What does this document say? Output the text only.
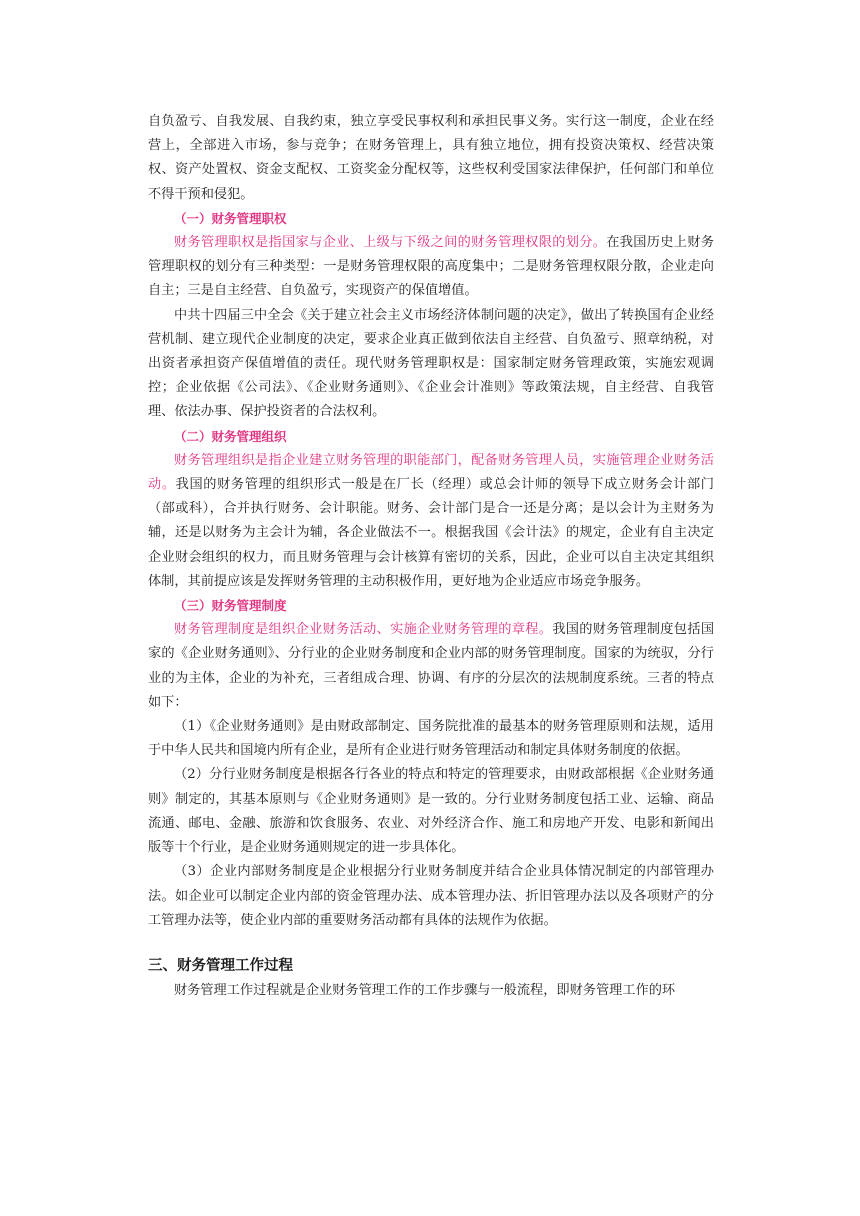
自负盈亏、自我发展、自我约束，独立享受民事权利和承担民事义务。实行这一制度，企业在经营上，全部进入市场，参与竞争；在财务管理上，具有独立地位，拥有投资决策权、经营决策权、资产处置权、资金支配权、工资奖金分配权等，这些权利受国家法律保护，任何部门和单位不得干预和侵犯。

（一）财务管理职权

财务管理职权是指国家与企业、上级与下级之间的财务管理权限的划分。在我国历史上财务管理职权的划分有三种类型：一是财务管理权限的高度集中；二是财务管理权限分散，企业走向自主；三是自主经营、自负盈亏，实现资产的保值增值。

中共十四届三中全会《关于建立社会主义市场经济体制问题的决定》，做出了转换国有企业经营机制、建立现代企业制度的决定，要求企业真正做到依法自主经营、自负盈亏、照章纳税，对出资者承担资产保值增值的责任。现代财务管理职权是：国家制定财务管理政策，实施宏观调控；企业依据《公司法》、《企业财务通则》、《企业会计准则》等政策法规，自主经营、自我管理、依法办事、保护投资者的合法权利。

（二）财务管理组织

财务管理组织是指企业建立财务管理的职能部门，配备财务管理人员，实施管理企业财务活动。我国的财务管理的组织形式一般是在厂长（经理）或总会计师的领导下成立财务会计部门（部或科），合并执行财务、会计职能。财务、会计部门是合一还是分离；是以会计为主财务为辅，还是以财务为主会计为辅，各企业做法不一。根据我国《会计法》的规定，企业有自主决定企业财会组织的权力，而且财务管理与会计核算有密切的关系，因此，企业可以自主决定其组织体制，其前提应该是发挥财务管理的主动积极作用，更好地为企业适应市场竞争服务。

（三）财务管理制度

财务管理制度是组织企业财务活动、实施企业财务管理的章程。我国的财务管理制度包括国家的《企业财务通则》、分行业的企业财务制度和企业内部的财务管理制度。国家的为统驭，分行业的为主体，企业的为补充，三者组成合理、协调、有序的分层次的法规制度系统。三者的特点如下：

（1）《企业财务通则》是由财政部制定、国务院批准的最基本的财务管理原则和法规，适用于中华人民共和国境内所有企业，是所有企业进行财务管理活动和制定具体财务制度的依据。

（2）分行业财务制度是根据各行各业的特点和特定的管理要求，由财政部根据《企业财务通则》制定的，其基本原则与《企业财务通则》是一致的。分行业财务制度包括工业、运输、商品流通、邮电、金融、旅游和饮食服务、农业、对外经济合作、施工和房地产开发、电影和新闻出版等十个行业，是企业财务通则规定的进一步具体化。

（3）企业内部财务制度是企业根据分行业财务制度并结合企业具体情况制定的内部管理办法。如企业可以制定企业内部的资金管理办法、成本管理办法、折旧管理办法以及各项财产的分工管理办法等，使企业内部的重要财务活动都有具体的法规作为依据。

三、财务管理工作过程

财务管理工作过程就是企业财务管理工作的工作步骤与一般流程，即财务管理工作的环
